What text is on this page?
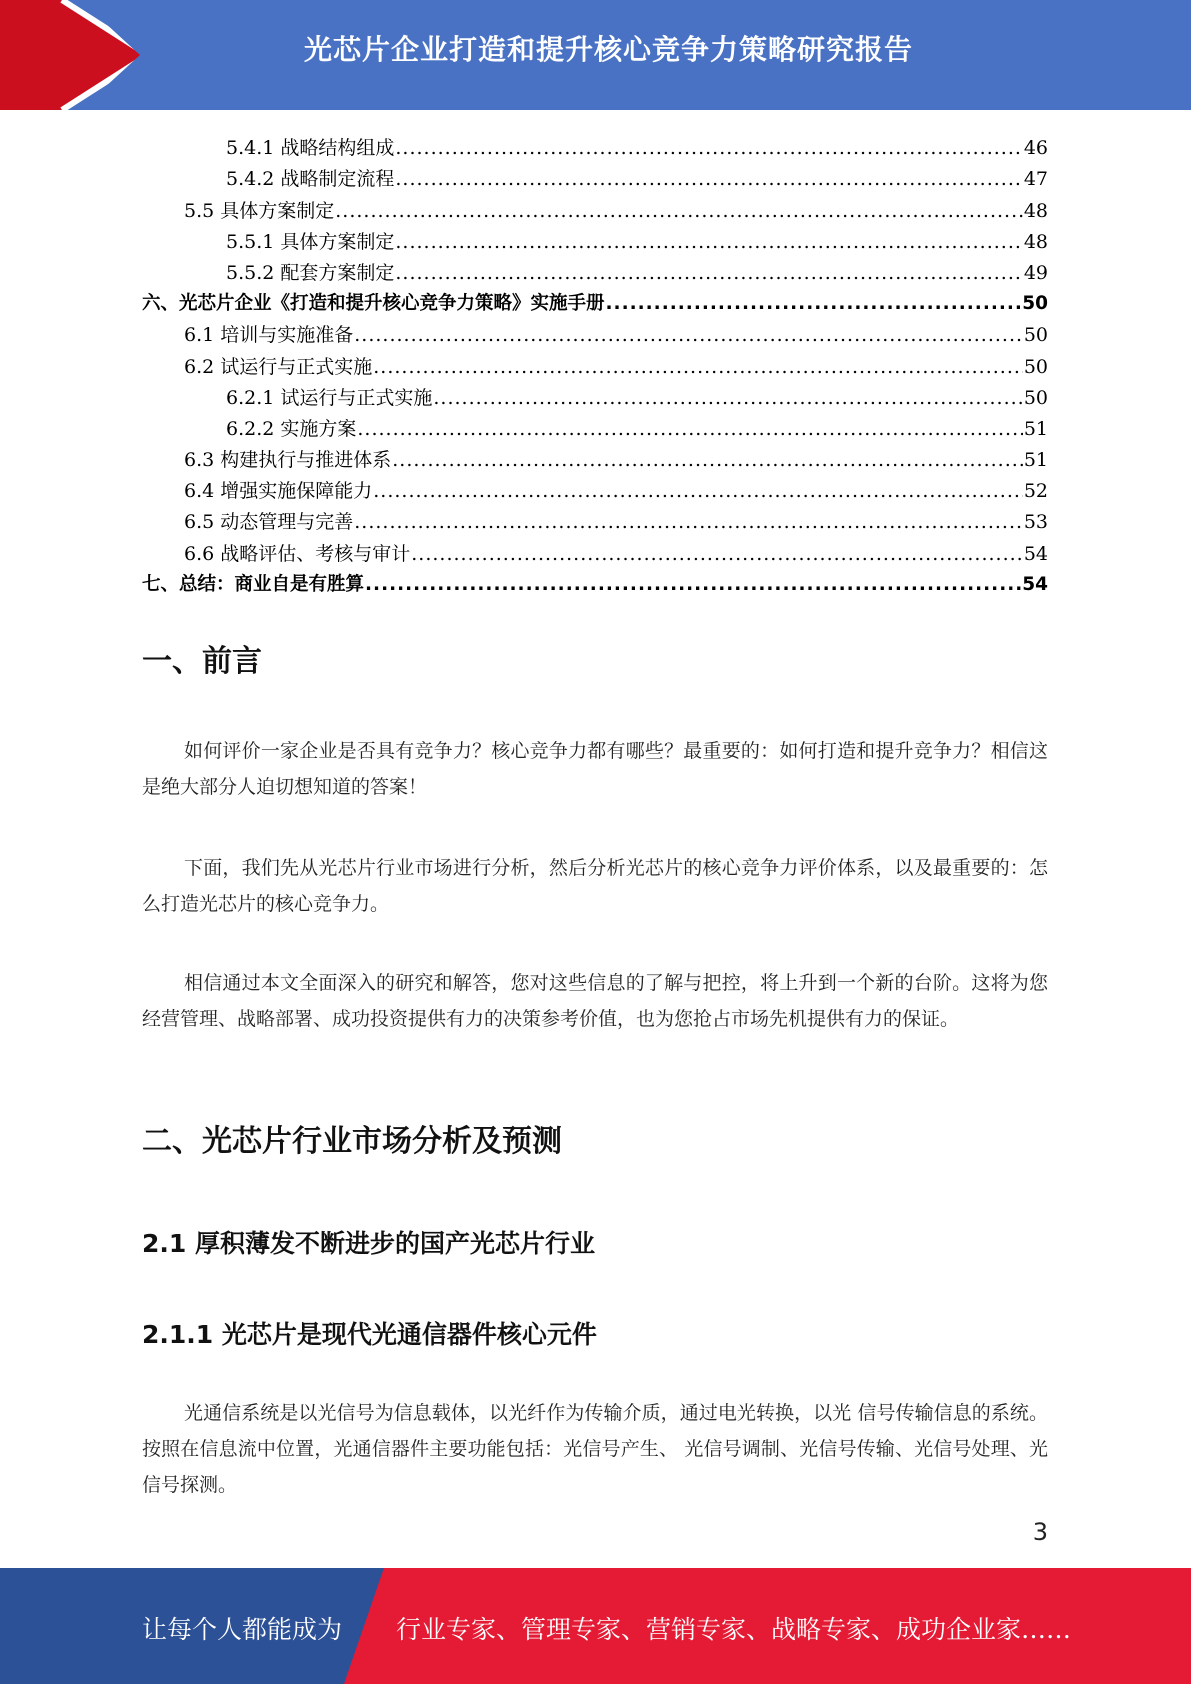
光芯片企业打造和提升核心竞争力策略研究报告
5.4.1 战略结构组成 .....	46
5.4.2 战略制定流程 .....	47
5.5 具体方案制定 .....	48
5.5.1 具体方案制定 .....	48
5.5.2 配套方案制定 .....	49
六、光芯片企业《打造和提升核心竞争力策略》实施手册 .....	50
6.1 培训与实施准备 .....	50
6.2 试运行与正式实施 .....	50
6.2.1 试运行与正式实施 .....	50
6.2.2 实施方案 .....	51
6.3 构建执行与推进体系 .....	51
6.4 增强实施保障能力 .....	52
6.5 动态管理与完善 .....	53
6.6 战略评估、考核与审计 .....	54
七、总结：商业自是有胜算 .....	54
一、前言

如何评价一家企业是否具有竞争力？核心竞争力都有哪些？最重要的：如何打造和提升竞争力？相信这是绝大部分人迫切想知道的答案！

下面，我们先从光芯片行业市场进行分析，然后分析光芯片的核心竞争力评价体系，以及最重要的：怎么打造光芯片的核心竞争力。

相信通过本文全面深入的研究和解答，您对这些信息的了解与把控，将上升到一个新的台阶。这将为您经营管理、战略部署、成功投资提供有力的决策参考价值，也为您抢占市场先机提供有力的保证。

二、光芯片行业市场分析及预测
2.1 厚积薄发不断进步的国产光芯片行业
2.1.1 光芯片是现代光通信器件核心元件

光通信系统是以光信号为信息载体，以光纤作为传输介质，通过电光转换，以光 信号传输信息的系统。按照在信息流中位置，光通信器件主要功能包括：光信号产生、 光信号调制、光信号传输、光信号处理、光信号探测。

3
让每个人都能成为 行业专家、管理专家、营销专家、战略专家、成功企业家……
